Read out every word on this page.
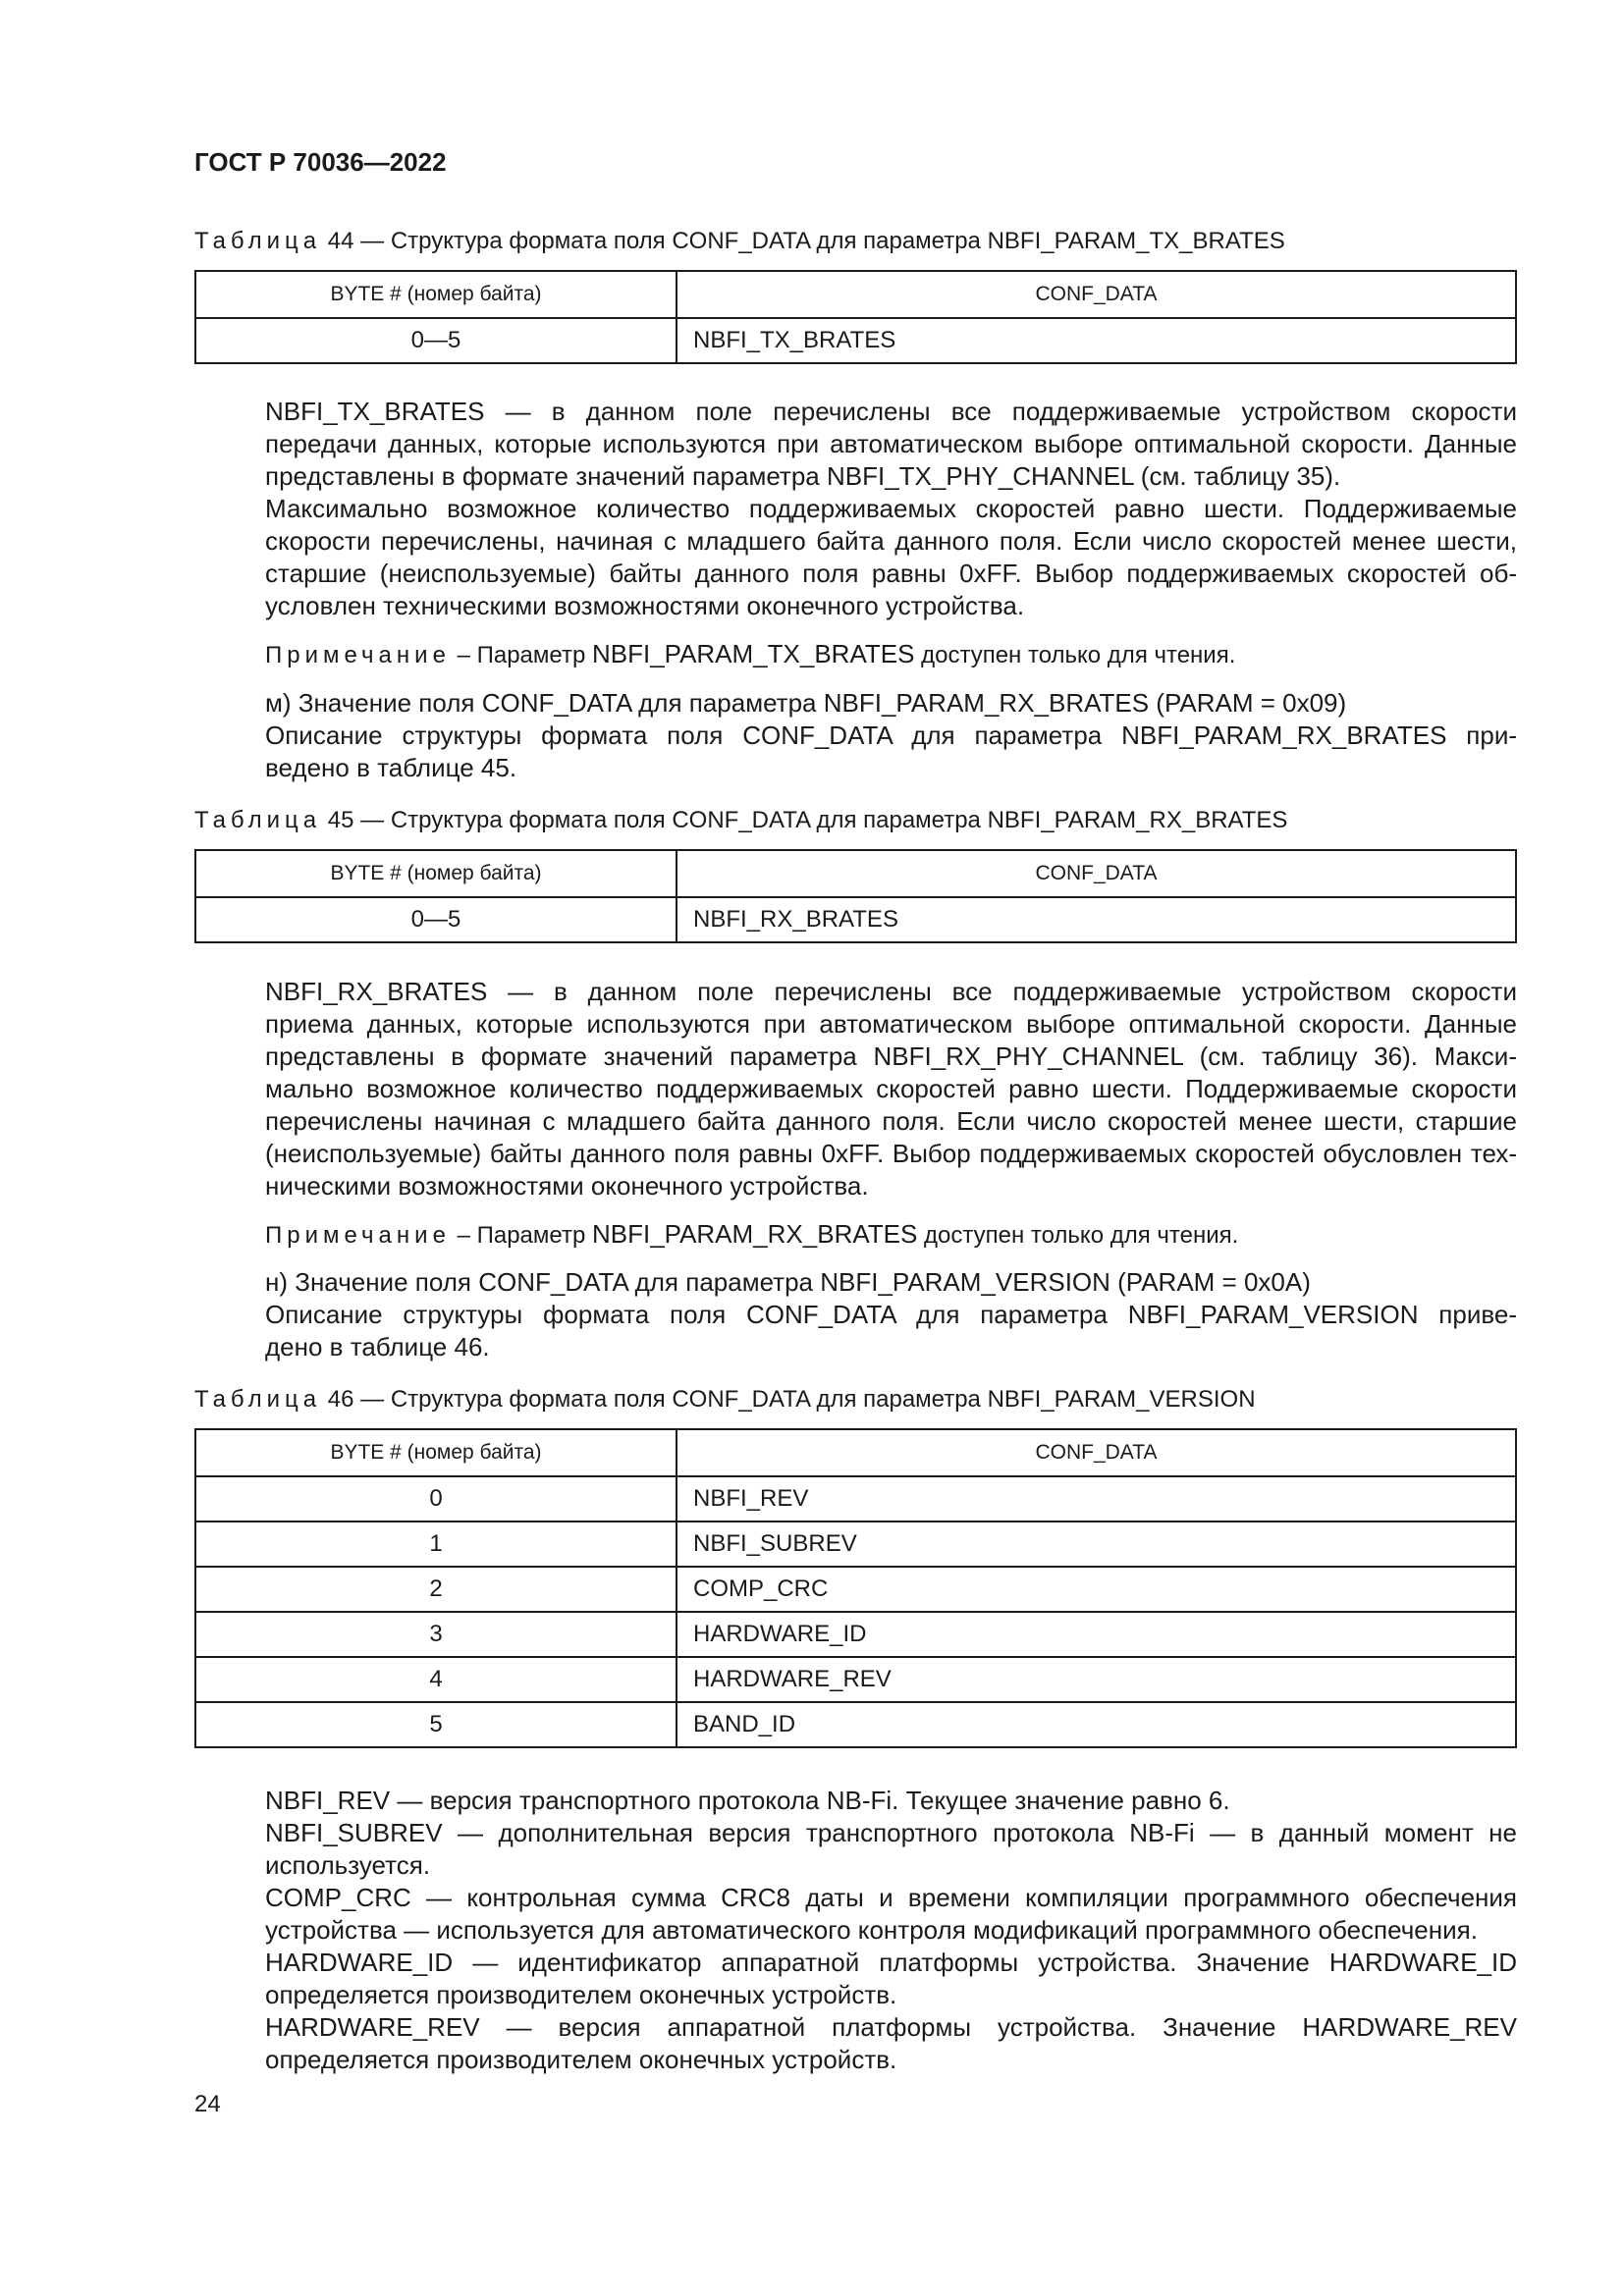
ГОСТ Р 70036—2022
Таблица 44 — Структура формата поля CONF_DATA для параметра NBFI_PARAM_TX_BRATES
BYTE # (номер байта)	CONF_DATA
0—5	NBFI_TX_BRATES
NBFI_TX_BRATES — в данном поле перечислены все поддерживаемые устройством скорости
передачи данных, которые используются при автоматическом выборе оптимальной скорости. Данные
представлены в формате значений параметра NBFI_TX_PHY_CHANNEL (см. таблицу 35).
Максимально возможное количество поддерживаемых скоростей равно шести. Поддерживаемые
скорости перечислены, начиная с младшего байта данного поля. Если число скоростей менее шести,
старшие (неиспользуемые) байты данного поля равны 0xFF. Выбор поддерживаемых скоростей об-
условлен техническими возможностями оконечного устройства.
Примечание – Параметр NBFI_PARAM_TX_BRATES доступен только для чтения.
м) Значение поля CONF_DATA для параметра NBFI_PARAM_RX_BRATES (PARAM = 0x09)
Описание структуры формата поля CONF_DATA для параметра NBFI_PARAM_RX_BRATES при-
ведено в таблице 45.
Таблица 45 — Структура формата поля CONF_DATA для параметра NBFI_PARAM_RX_BRATES
BYTE # (номер байта)	CONF_DATA
0—5	NBFI_RX_BRATES
NBFI_RX_BRATES — в данном поле перечислены все поддерживаемые устройством скорости
приема данных, которые используются при автоматическом выборе оптимальной скорости. Данные
представлены в формате значений параметра NBFI_RX_PHY_CHANNEL (см. таблицу 36). Макси-
мально возможное количество поддерживаемых скоростей равно шести. Поддерживаемые скорости
перечислены начиная с младшего байта данного поля. Если число скоростей менее шести, старшие
(неиспользуемые) байты данного поля равны 0xFF. Выбор поддерживаемых скоростей обусловлен тех-
ническими возможностями оконечного устройства.
Примечание – Параметр NBFI_PARAM_RX_BRATES доступен только для чтения.
н) Значение поля CONF_DATA для параметра NBFI_PARAM_VERSION (PARAM = 0x0A)
Описание структуры формата поля CONF_DATA для параметра NBFI_PARAM_VERSION приве-
дено в таблице 46.
Таблица 46 — Структура формата поля CONF_DATA для параметра NBFI_PARAM_VERSION
BYTE # (номер байта)	CONF_DATA
0	NBFI_REV
1	NBFI_SUBREV
2	COMP_CRC
3	HARDWARE_ID
4	HARDWARE_REV
5	BAND_ID
NBFI_REV — версия транспортного протокола NB-Fi. Текущее значение равно 6.
NBFI_SUBREV — дополнительная версия транспортного протокола NB-Fi — в данный момент не
используется.
COMP_CRC — контрольная сумма CRC8 даты и времени компиляции программного обеспечения
устройства — используется для автоматического контроля модификаций программного обеспечения.
HARDWARE_ID — идентификатор аппаратной платформы устройства. Значение HARDWARE_ID
определяется производителем оконечных устройств.
HARDWARE_REV — версия аппаратной платформы устройства. Значение HARDWARE_REV
определяется производителем оконечных устройств.
24
